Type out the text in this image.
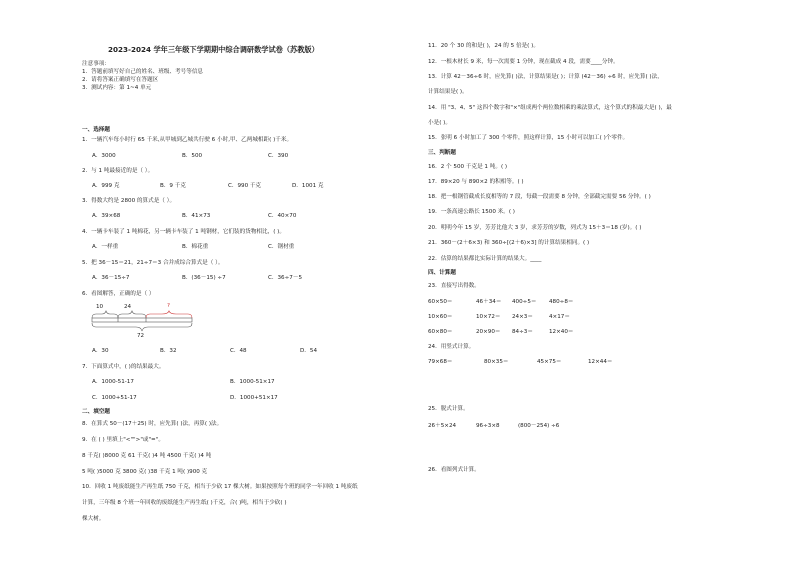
2023-2024 学年三年级下学期期中综合调研数学试卷（苏教版）
注意事项：
1．答题前填写好自己的姓名、班级、考号等信息
2．请将答案正确填写在答题区
3．测试内容：第 1~4 单元
一、选择题
1．一辆汽车每小时行 65 千米,从甲城到乙城共行驶 6 小时,甲、乙两城相距( )千米。
A．3000	B．500	C．390
2．与 1 吨最接近的是（ ）。
A．999 克	B．9 千克	C．990 千克	D．1001 克
3．得数大约是 2800 的算式是（ ）。
A．39×68	B．41×73	C．40×70
4．一辆卡车装了 1 吨棉花，另一辆卡车装了 1 吨钢材，它们装的货物相比，( )。
A．一样重	B．棉花重	C．钢材重
5．把 36－15＝21，21÷7＝3 合并成综合算式是（ ）。
A．36－15÷7	B．(36－15) ÷7	C．36÷7－5
6．看图解答，正确的是（ ）
10	24	?
72
A．30	B．32	C．48	D．54
7．下面算式中，( )的结果最大。
A．1000-51-17	B．1000-51×17
C．1000+51-17	D．1000+51×17
二、填空题
8．在算式 50－(17＋25) 时，应先算( )法，再算( )法。
9．在 ( ) 里填上"<"">"或"="。
8 千克( )8000 克 61 千克( )4 吨 4500 千克( )4 吨
5 吨( )5000 克 3800 克( )38 千克 1 吨( )900 克
10．回收 1 吨废纸能生产再生纸 750 千克，相当于少砍 17 棵大树。如果按照每个班的同学一年回收 1 吨废纸
计算，三年级 8 个班一年回收的废纸能生产再生纸( )千克，合( )吨，相当于少砍( )
棵大树。
11．20 个 30 的和是( )，24 的 5 倍是( )。
12．一根木材长 9 米，每一次需要 1 分钟，现在截成 4 段，需要____分钟。
13．计算 42－36÷6 时，应先算( )法，计算结果是( )；计算 (42－36) ÷6 时，应先算( )法，
计算结果是( )。
14．用 "3、4、5" 这四个数字和"×"组成两个两位数相乘的乘法算式，这个算式的积最大是( )，最
小是( )。
15．张明 6 小时加工了 300 个零件，照这样计算，15 小时可以加工( )个零件。
三、判断题
16．2 个 500 千克是 1 吨。( )
17．89×20 与 890×2 的积相等。( )
18．把一根钢管截成长度相等的 7 段，每截一段需要 8 分钟，全部截完需要 56 分钟。( )
19．一条高速公路长 1500 米。( )
20．明明今年 15 岁，芳芳比他大 3 岁，求芳芳的岁数，列式为 15＋3＝18 (岁)。( )
21．360－(2＋6×3) 和 360÷[(2＋6)×3] 的计算结果相同。( )
22．估算的结果都比实际计算的结果大。____
四、计算题
23．直接写出得数。
60×50＝	46＋34＝ 400÷5＝ 480÷8＝
10×60＝	10×72＝ 24×3＝	4×17＝
60×80＝	20×90＝ 84÷3＝	12×40＝
24．用竖式计算。
79×68＝	80×35＝	45×75＝	12×44＝
25．脱式计算。
26＋5×24	96÷3×8	(800－254) ÷6
26．看图列式计算。
